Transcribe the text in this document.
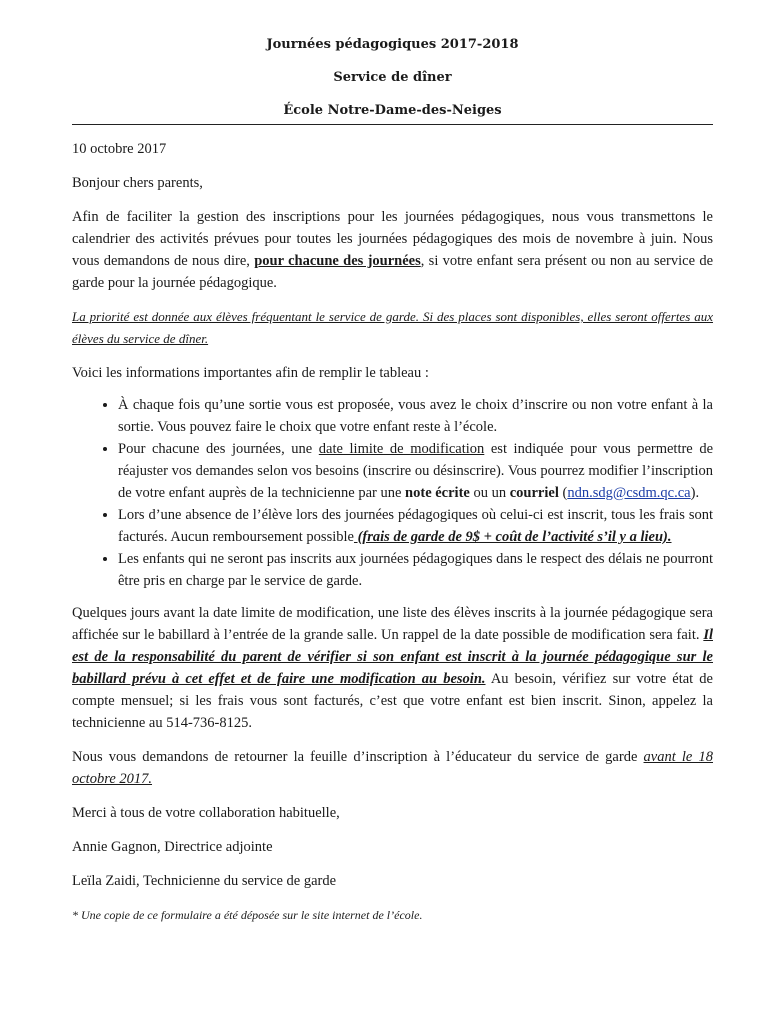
Journées pédagogiques 2017-2018
Service de dîner
École Notre-Dame-des-Neiges

10 octobre 2017

Bonjour chers parents,

Afin de faciliter la gestion des inscriptions pour les journées pédagogiques, nous vous transmettons le calendrier des activités prévues pour toutes les journées pédagogiques des mois de novembre à juin. Nous vous demandons de nous dire, pour chacune des journées, si votre enfant sera présent ou non au service de garde pour la journée pédagogique.

La priorité est donnée aux élèves fréquentant le service de garde. Si des places sont disponibles, elles seront offertes aux élèves du service de dîner.

Voici les informations importantes afin de remplir le tableau :

• À chaque fois qu’une sortie vous est proposée, vous avez le choix d’inscrire ou non votre enfant à la sortie. Vous pouvez faire le choix que votre enfant reste à l’école.
• Pour chacune des journées, une date limite de modification est indiquée pour vous permettre de réajuster vos demandes selon vos besoins (inscrire ou désinscrire). Vous pourrez modifier l’inscription de votre enfant auprès de la technicienne par une note écrite ou un courriel (ndn.sdg@csdm.qc.ca).
• Lors d’une absence de l’élève lors des journées pédagogiques où celui-ci est inscrit, tous les frais sont facturés. Aucun remboursement possible (frais de garde de 9$ + coût de l’activité s’il y a lieu).
• Les enfants qui ne seront pas inscrits aux journées pédagogiques dans le respect des délais ne pourront être pris en charge par le service de garde.

Quelques jours avant la date limite de modification, une liste des élèves inscrits à la journée pédagogique sera affichée sur le babillard à l’entrée de la grande salle. Un rappel de la date possible de modification sera fait. Il est de la responsabilité du parent de vérifier si son enfant est inscrit à la journée pédagogique sur le babillard prévu à cet effet et de faire une modification au besoin. Au besoin, vérifiez sur votre état de compte mensuel; si les frais vous sont facturés, c’est que votre enfant est bien inscrit. Sinon, appelez la technicienne au 514-736-8125.

Nous vous demandons de retourner la feuille d’inscription à l’éducateur du service de garde avant le 18 octobre 2017.

Merci à tous de votre collaboration habituelle,

Annie Gagnon, Directrice adjointe

Leïla Zaidi, Technicienne du service de garde

* Une copie de ce formulaire a été déposée sur le site internet de l’école.
